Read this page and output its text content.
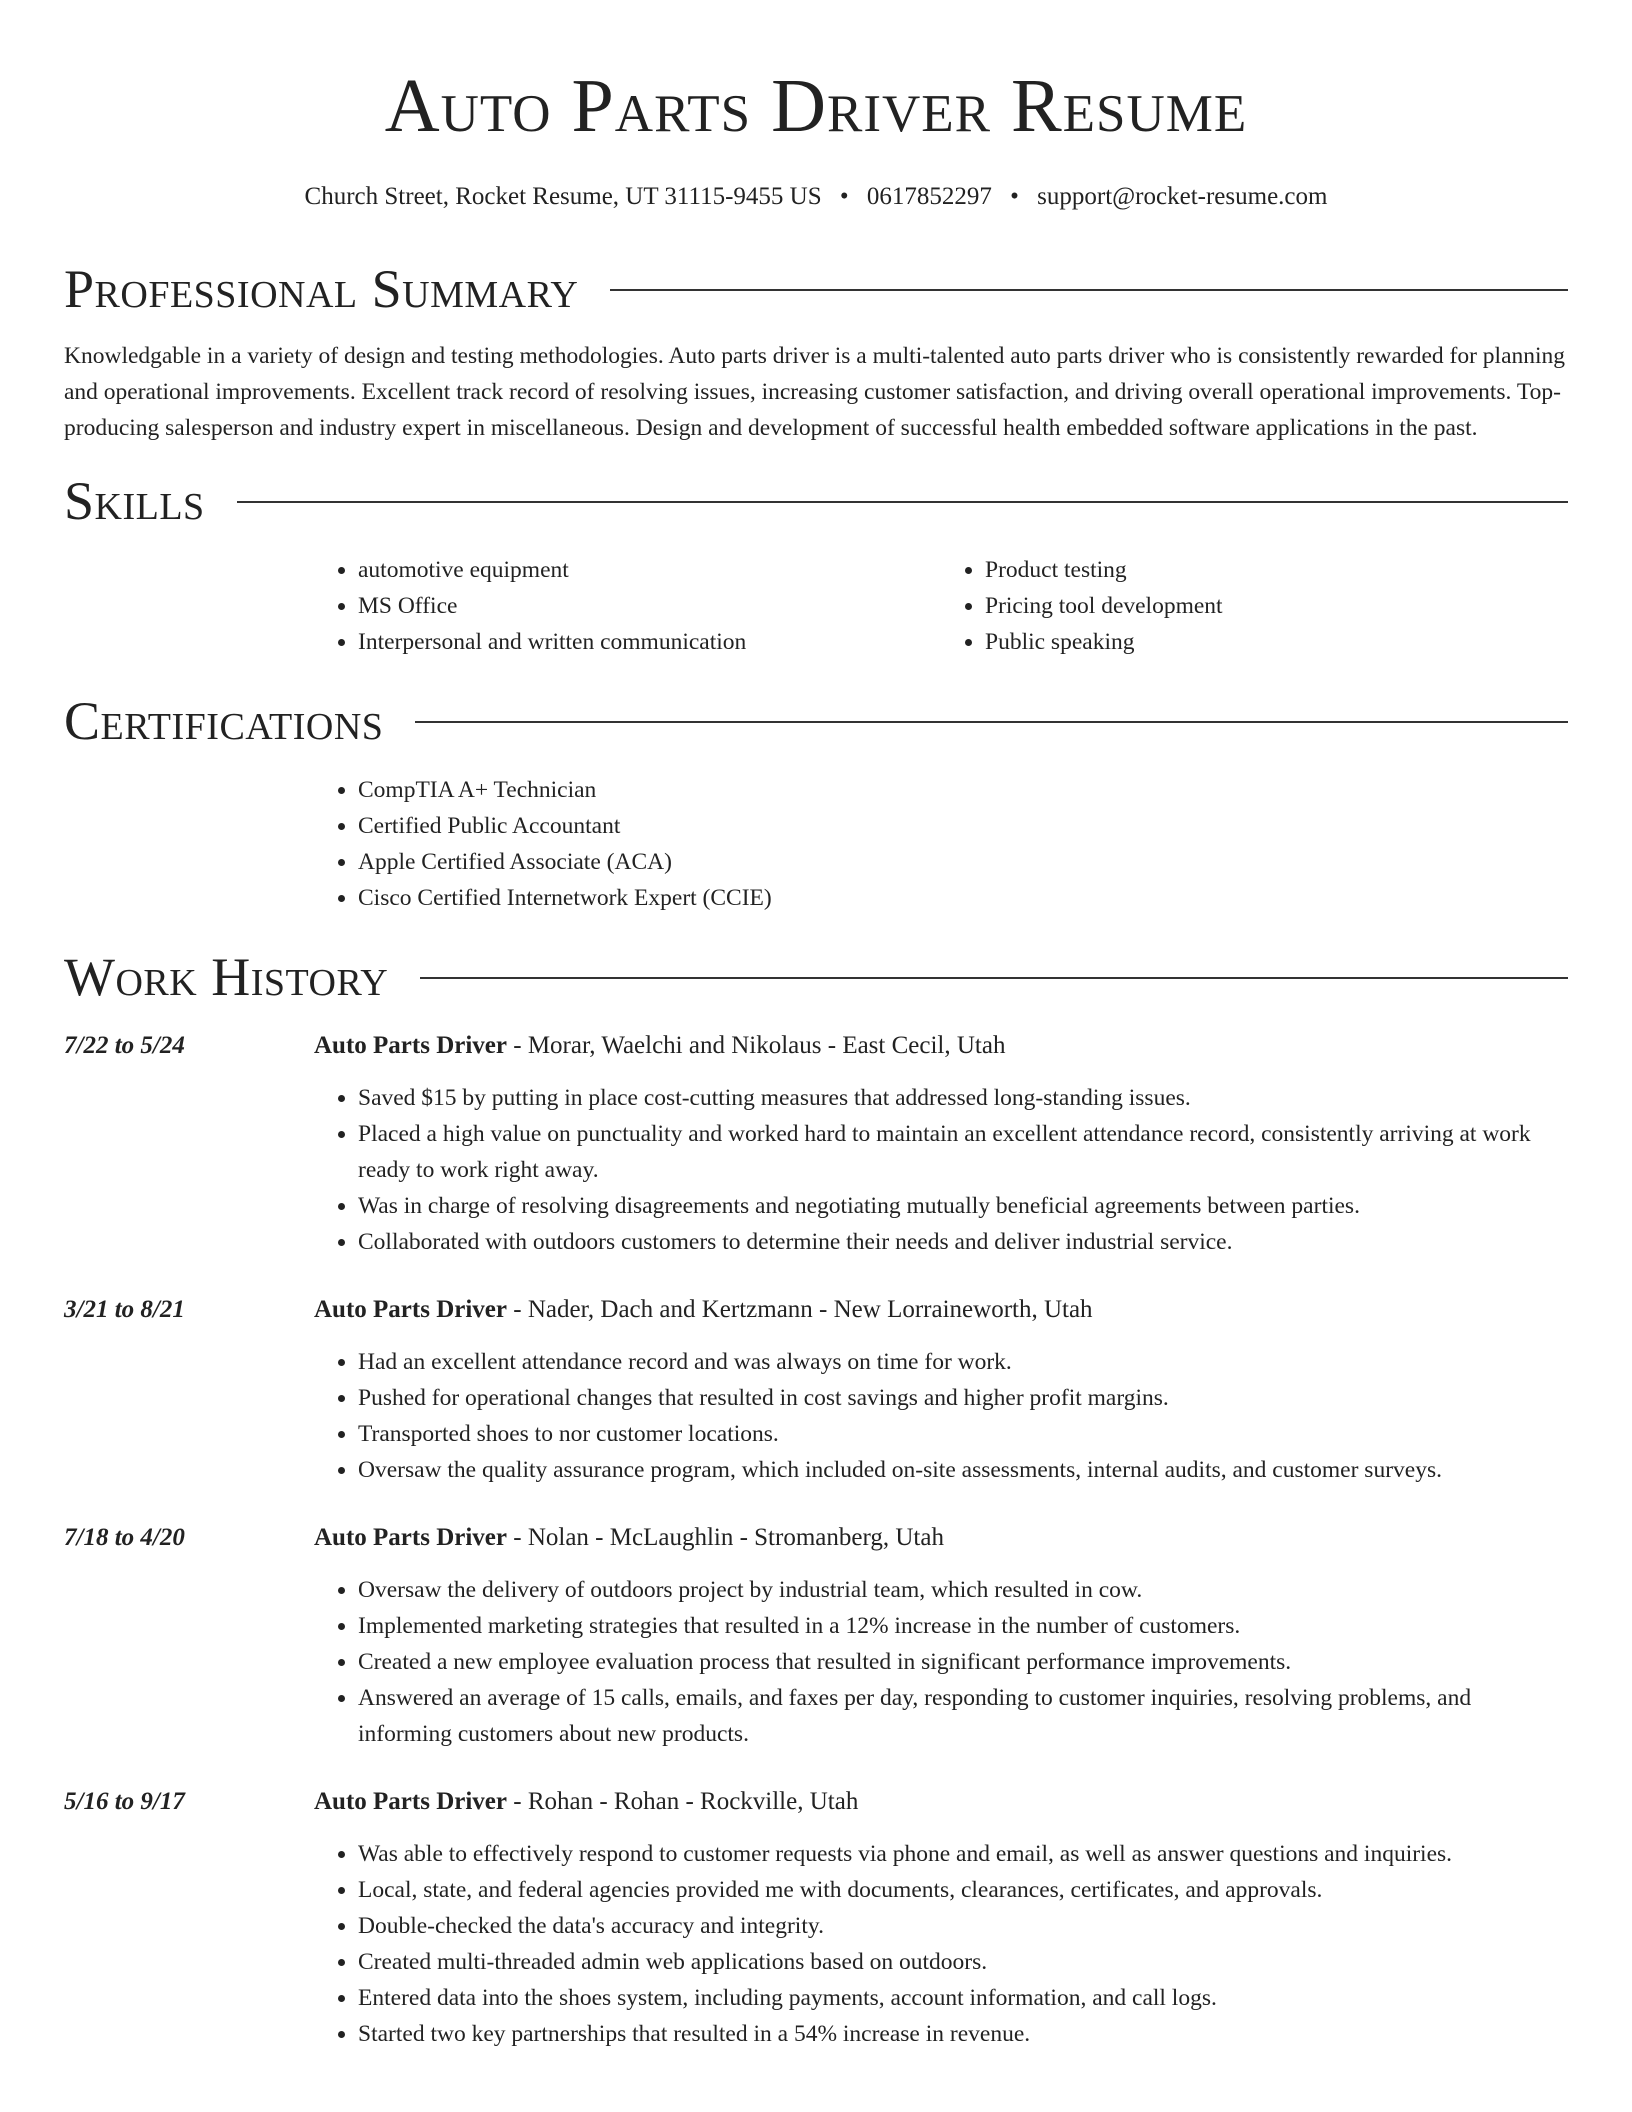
Auto Parts Driver Resume
Church Street, Rocket Resume, UT 31115-9455 US • 0617852297 • support@rocket-resume.com
Professional Summary

Knowledgable in a variety of design and testing methodologies. Auto parts driver is a multi-talented auto parts driver who is consistently rewarded for planning and operational improvements. Excellent track record of resolving issues, increasing customer satisfaction, and driving overall operational improvements. Top-producing salesperson and industry expert in miscellaneous. Design and development of successful health embedded software applications in the past.

Skills
• automotive equipment
• MS Office
• Interpersonal and written communication
• Product testing
• Pricing tool development
• Public speaking
Certifications
• CompTIA A+ Technician
• Certified Public Accountant
• Apple Certified Associate (ACA)
• Cisco Certified Internetwork Expert (CCIE)
Work History
7/22 to 5/24	Auto Parts Driver - Morar, Waelchi and Nikolaus - East Cecil, Utah
• Saved $15 by putting in place cost-cutting measures that addressed long-standing issues.
• Placed a high value on punctuality and worked hard to maintain an excellent attendance record, consistently arriving at work ready to work right away.
• Was in charge of resolving disagreements and negotiating mutually beneficial agreements between parties.
• Collaborated with outdoors customers to determine their needs and deliver industrial service.
3/21 to 8/21	Auto Parts Driver - Nader, Dach and Kertzmann - New Lorraineworth, Utah
• Had an excellent attendance record and was always on time for work.
• Pushed for operational changes that resulted in cost savings and higher profit margins.
• Transported shoes to nor customer locations.
• Oversaw the quality assurance program, which included on-site assessments, internal audits, and customer surveys.
7/18 to 4/20	Auto Parts Driver - Nolan - McLaughlin - Stromanberg, Utah
• Oversaw the delivery of outdoors project by industrial team, which resulted in cow.
• Implemented marketing strategies that resulted in a 12% increase in the number of customers.
• Created a new employee evaluation process that resulted in significant performance improvements.
• Answered an average of 15 calls, emails, and faxes per day, responding to customer inquiries, resolving problems, and informing customers about new products.
5/16 to 9/17	Auto Parts Driver - Rohan - Rohan - Rockville, Utah
• Was able to effectively respond to customer requests via phone and email, as well as answer questions and inquiries.
• Local, state, and federal agencies provided me with documents, clearances, certificates, and approvals.
• Double-checked the data's accuracy and integrity.
• Created multi-threaded admin web applications based on outdoors.
• Entered data into the shoes system, including payments, account information, and call logs.
• Started two key partnerships that resulted in a 54% increase in revenue.
